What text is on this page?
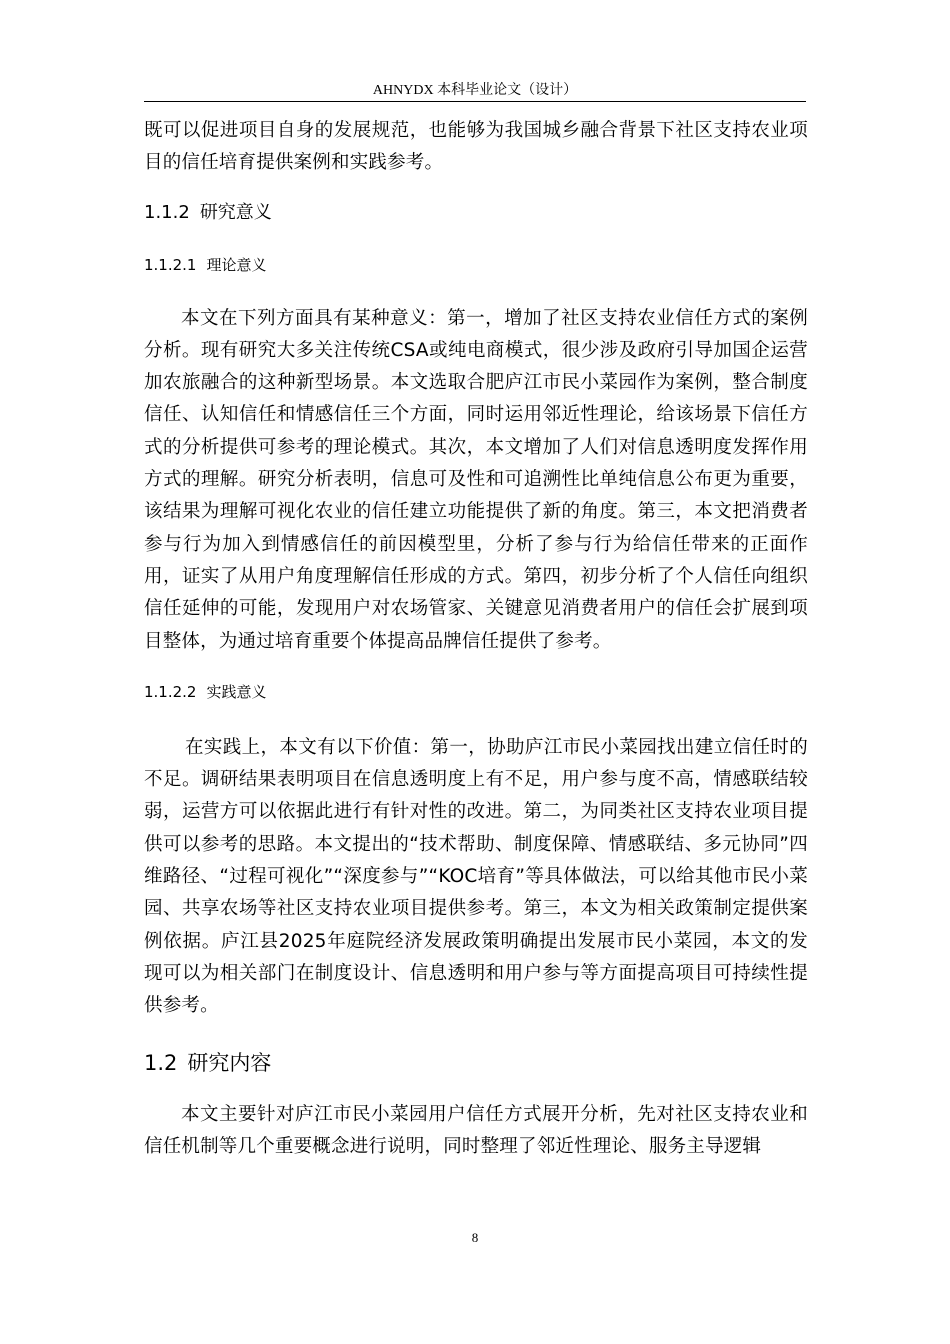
AHNYDX 本科毕业论文（设计）

既可以促进项目自身的发展规范，也能够为我国城乡融合背景下社区支持农业项目的信任培育提供案例和实践参考。

1.1.2 研究意义

1.1.2.1 理论意义

本文在下列方面具有某种意义：第一，增加了社区支持农业信任方式的案例分析。现有研究大多关注传统CSA或纯电商模式，很少涉及政府引导加国企运营加农旅融合的这种新型场景。本文选取合肥庐江市民小菜园作为案例，整合制度信任、认知信任和情感信任三个方面，同时运用邻近性理论，给该场景下信任方式的分析提供可参考的理论模式。其次，本文增加了人们对信息透明度发挥作用方式的理解。研究分析表明，信息可及性和可追溯性比单纯信息公布更为重要，该结果为理解可视化农业的信任建立功能提供了新的角度。第三，本文把消费者参与行为加入到情感信任的前因模型里，分析了参与行为给信任带来的正面作用，证实了从用户角度理解信任形成的方式。第四，初步分析了个人信任向组织信任延伸的可能，发现用户对农场管家、关键意见消费者用户的信任会扩展到项目整体，为通过培育重要个体提高品牌信任提供了参考。

1.1.2.2 实践意义

在实践上，本文有以下价值：第一，协助庐江市民小菜园找出建立信任时的不足。调研结果表明项目在信息透明度上有不足，用户参与度不高，情感联结较弱，运营方可以依据此进行有针对性的改进。第二，为同类社区支持农业项目提供可以参考的思路。本文提出的“技术帮助、制度保障、情感联结、多元协同”四维路径、“过程可视化”“深度参与”“KOC培育”等具体做法，可以给其他市民小菜园、共享农场等社区支持农业项目提供参考。第三，本文为相关政策制定提供案例依据。庐江县2025年庭院经济发展政策明确提出发展市民小菜园，本文的发现可以为相关部门在制度设计、信息透明和用户参与等方面提高项目可持续性提供参考。

1.2 研究内容

本文主要针对庐江市民小菜园用户信任方式展开分析，先对社区支持农业和信任机制等几个重要概念进行说明，同时整理了邻近性理论、服务主导逻辑

8
